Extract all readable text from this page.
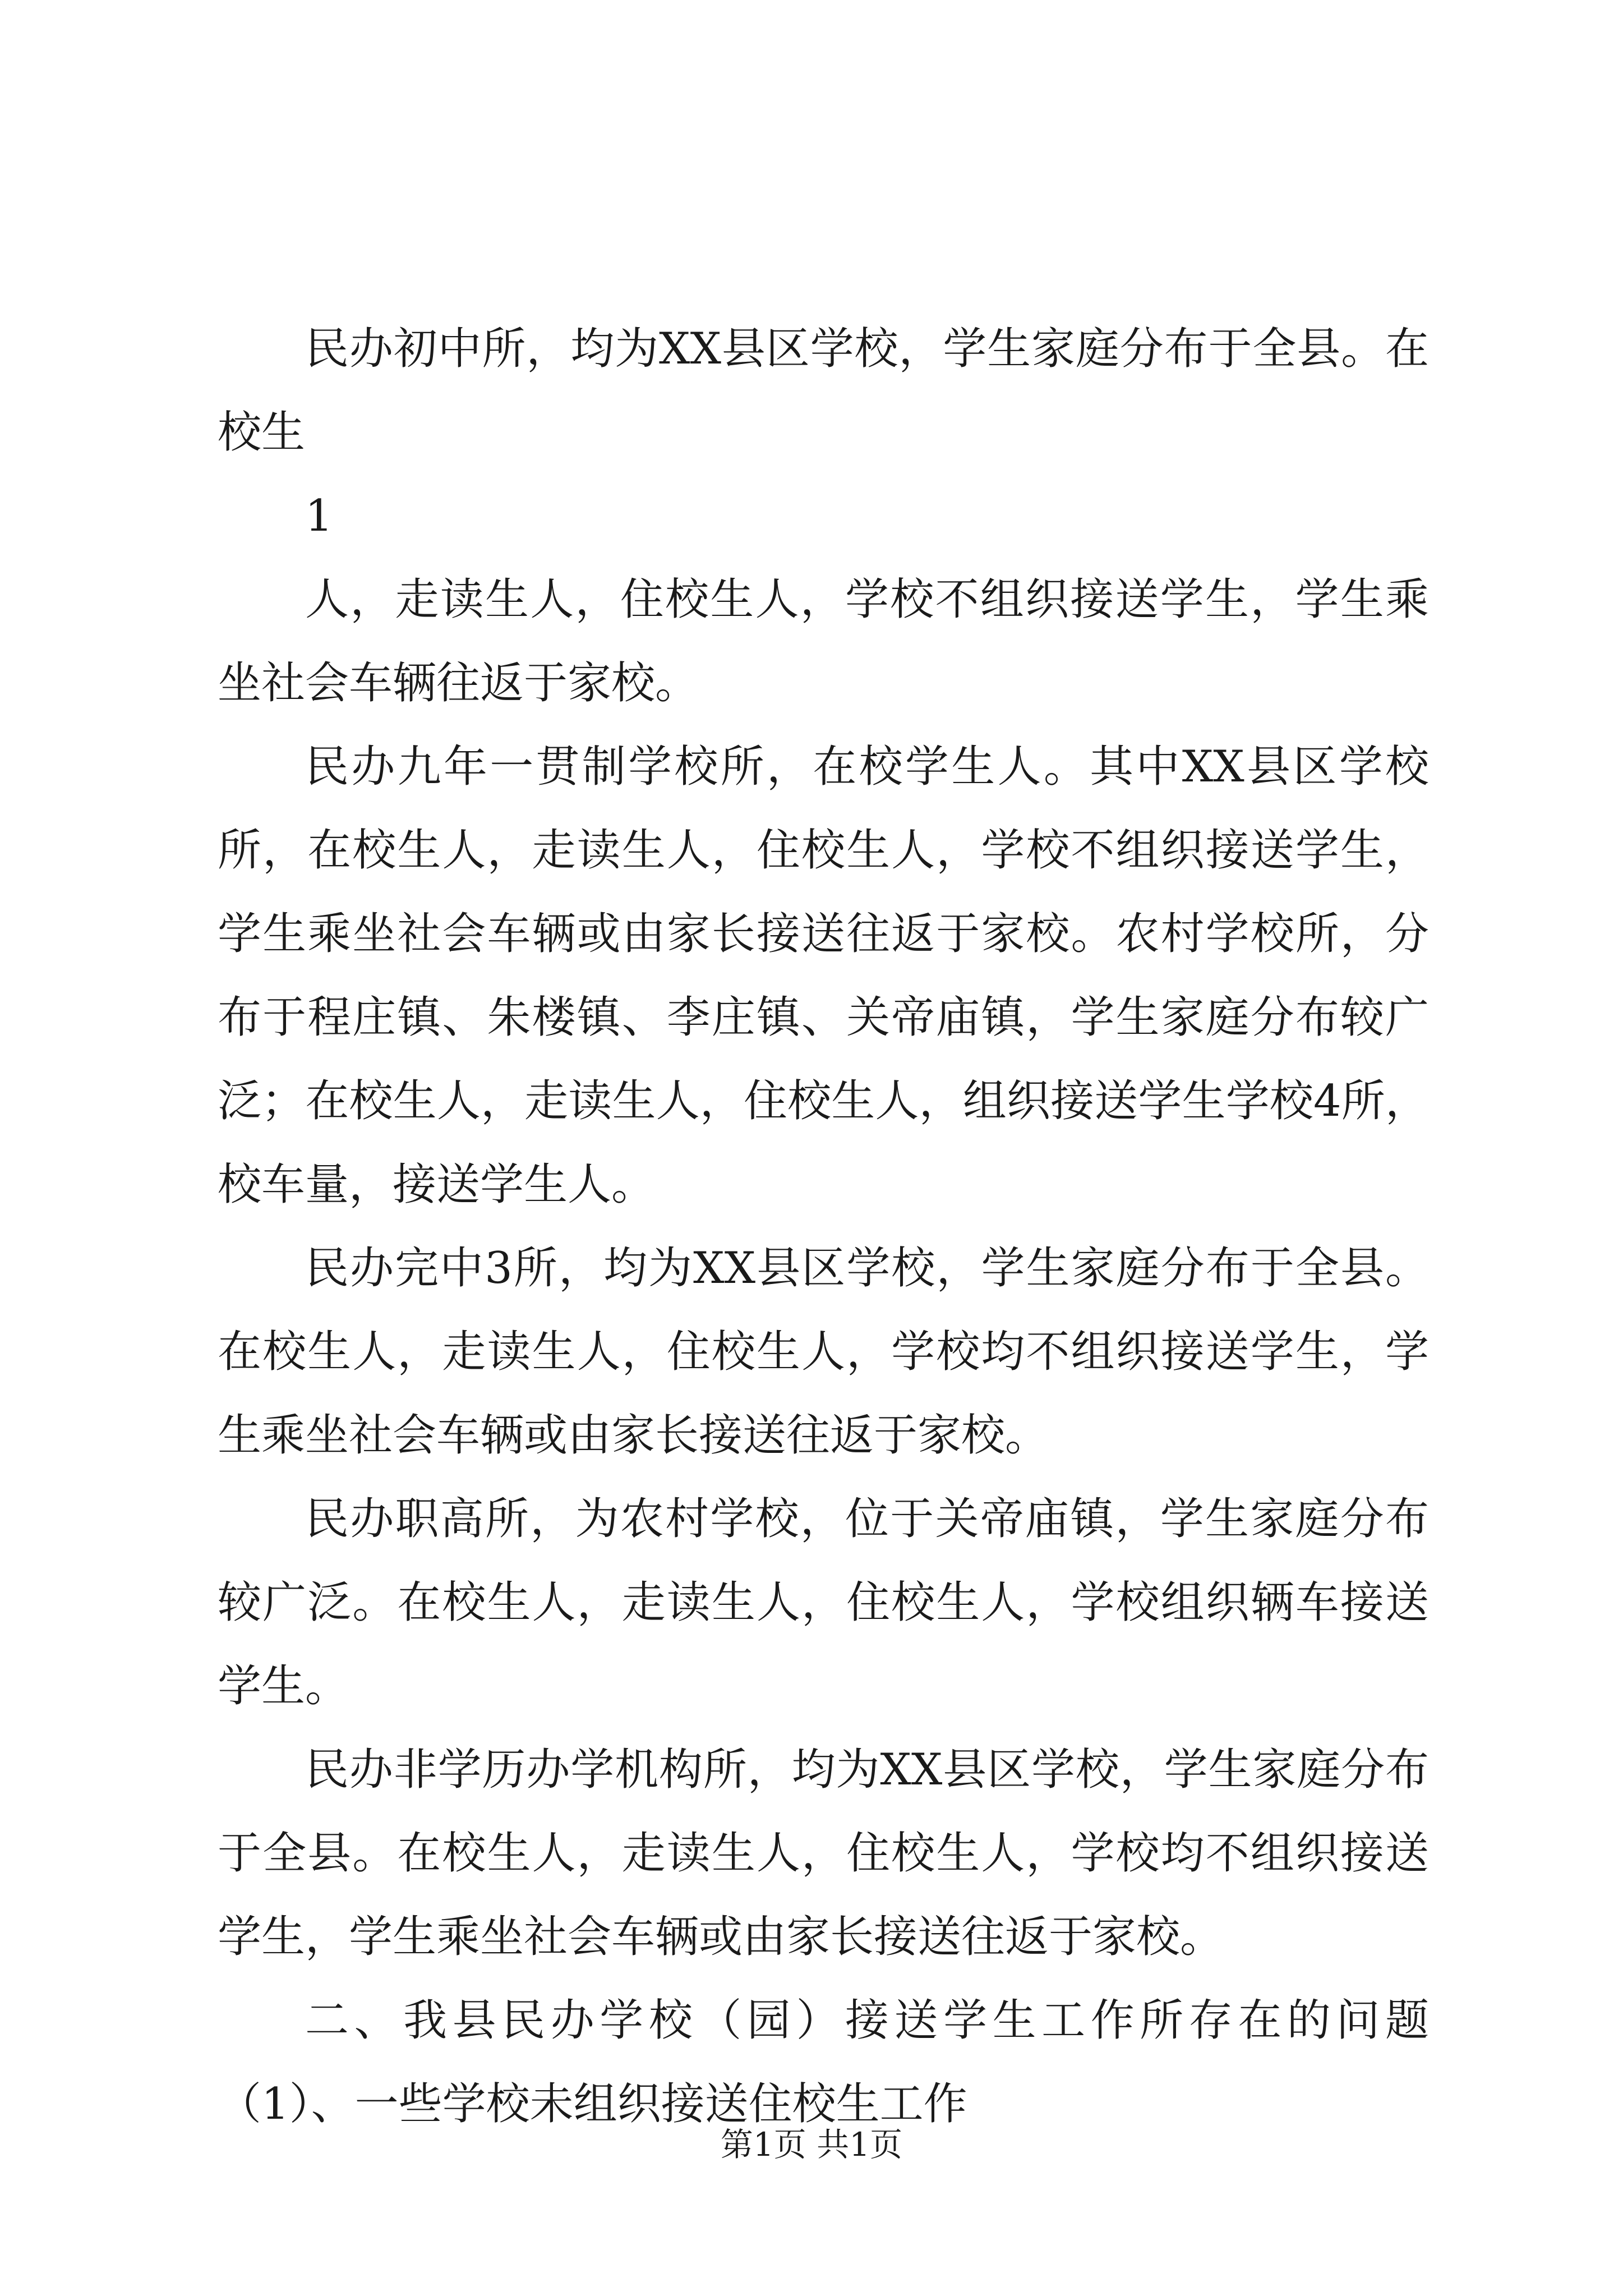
民办初中所，均为XX县区学校，学生家庭分布于全县。在校生

1

人，走读生人，住校生人，学校不组织接送学生，学生乘坐社会车辆往返于家校。

民办九年一贯制学校所，在校学生人。其中XX县区学校所，在校生人，走读生人，住校生人，学校不组织接送学生，学生乘坐社会车辆或由家长接送往返于家校。农村学校所，分布于程庄镇、朱楼镇、李庄镇、关帝庙镇，学生家庭分布较广泛；在校生人，走读生人，住校生人，组织接送学生学校4所，校车量，接送学生人。

民办完中3所，均为XX县区学校，学生家庭分布于全县。在校生人，走读生人，住校生人，学校均不组织接送学生，学生乘坐社会车辆或由家长接送往返于家校。

民办职高所，为农村学校，位于关帝庙镇，学生家庭分布较广泛。在校生人，走读生人，住校生人，学校组织辆车接送学生。

民办非学历办学机构所，均为XX县区学校，学生家庭分布于全县。在校生人，走读生人，住校生人，学校均不组织接送学生，学生乘坐社会车辆或由家长接送往返于家校。

二、我县民办学校（园）接送学生工作所存在的问题（1）、一些学校未组织接送住校生工作

第1页 共1页
